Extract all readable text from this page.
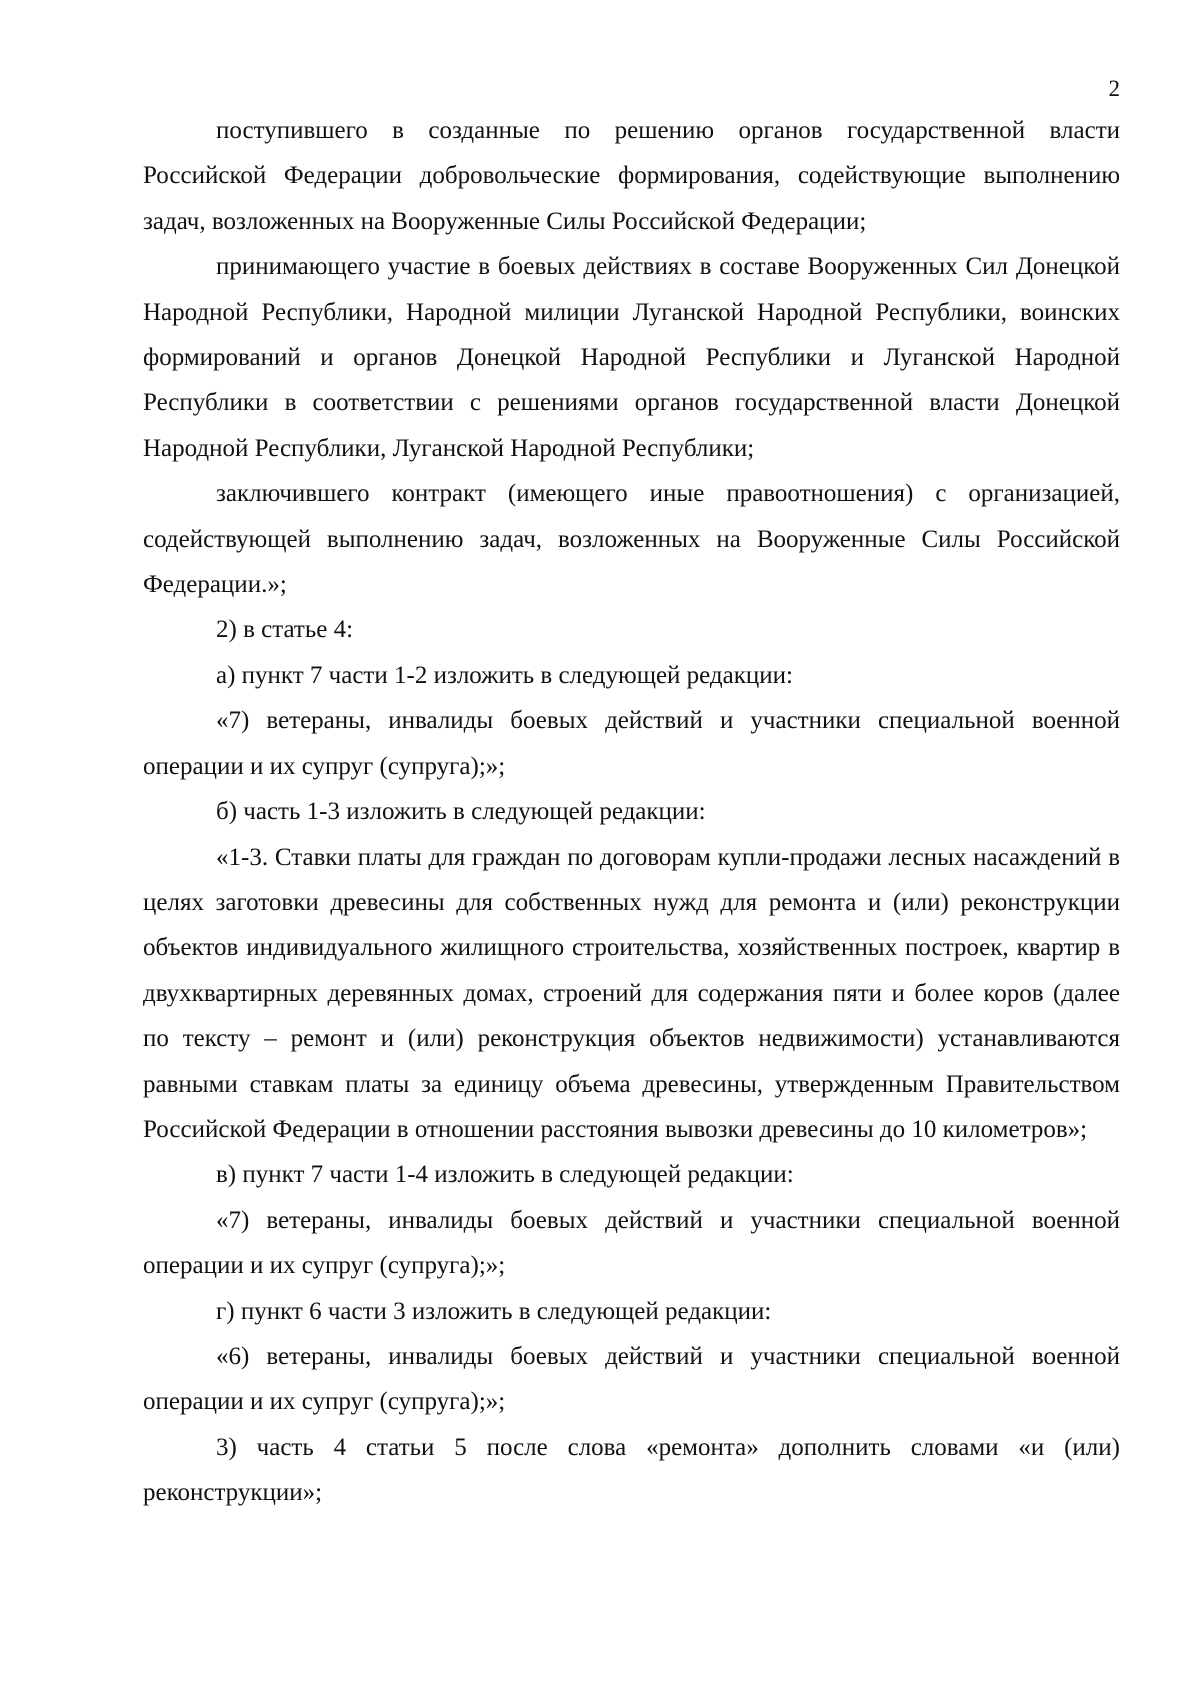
2

поступившего в созданные по решению органов государственной власти Российской Федерации добровольческие формирования, содействующие выполнению задач, возложенных на Вооруженные Силы Российской Федерации;

принимающего участие в боевых действиях в составе Вооруженных Сил Донецкой Народной Республики, Народной милиции Луганской Народной Республики, воинских формирований и органов Донецкой Народной Республики и Луганской Народной Республики в соответствии с решениями органов государственной власти Донецкой Народной Республики, Луганской Народной Республики;

заключившего контракт (имеющего иные правоотношения) с организацией, содействующей выполнению задач, возложенных на Вооруженные Силы Российской Федерации.»;

2) в статье 4:

а) пункт 7 части 1-2 изложить в следующей редакции:

«7) ветераны, инвалиды боевых действий и участники специальной военной операции и их супруг (супруга);»;

б) часть 1-3 изложить в следующей редакции:

«1-3. Ставки платы для граждан по договорам купли-продажи лесных насаждений в целях заготовки древесины для собственных нужд для ремонта и (или) реконструкции объектов индивидуального жилищного строительства, хозяйственных построек, квартир в двухквартирных деревянных домах, строений для содержания пяти и более коров (далее по тексту – ремонт и (или) реконструкция объектов недвижимости) устанавливаются равными ставкам платы за единицу объема древесины, утвержденным Правительством Российской Федерации в отношении расстояния вывозки древесины до 10 километров»;

в) пункт 7 части 1-4 изложить в следующей редакции:

«7) ветераны, инвалиды боевых действий и участники специальной военной операции и их супруг (супруга);»;

г) пункт 6 части 3 изложить в следующей редакции:

«6) ветераны, инвалиды боевых действий и участники специальной военной операции и их супруг (супруга);»;

3) часть 4 статьи 5 после слова «ремонта» дополнить словами «и (или) реконструкции»;
